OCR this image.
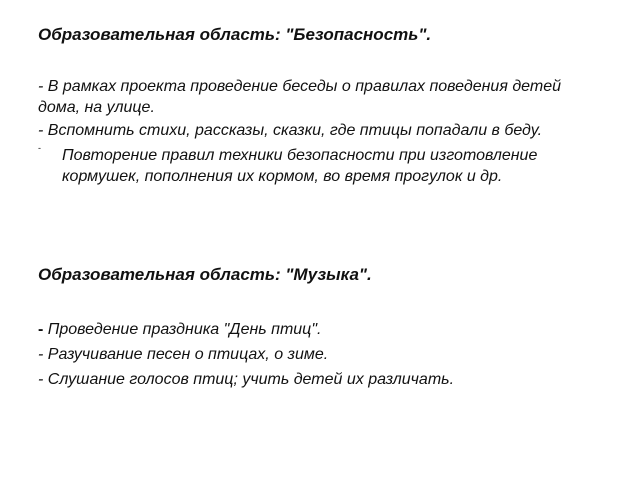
Образовательная область: "Безопасность".
- В рамках проекта проведение беседы о правилах поведения детей дома, на улице.
- Вспомнить стихи, рассказы, сказки, где птицы попадали в беду.
- Повторение правил техники безопасности при изготовление кормушек, пополнения их кормом, во время прогулок и др.
Образовательная область: "Музыка".
- Проведение праздника "День птиц".
- Разучивание песен о птицах, о зиме.
- Слушание голосов птиц; учить детей их различать.
